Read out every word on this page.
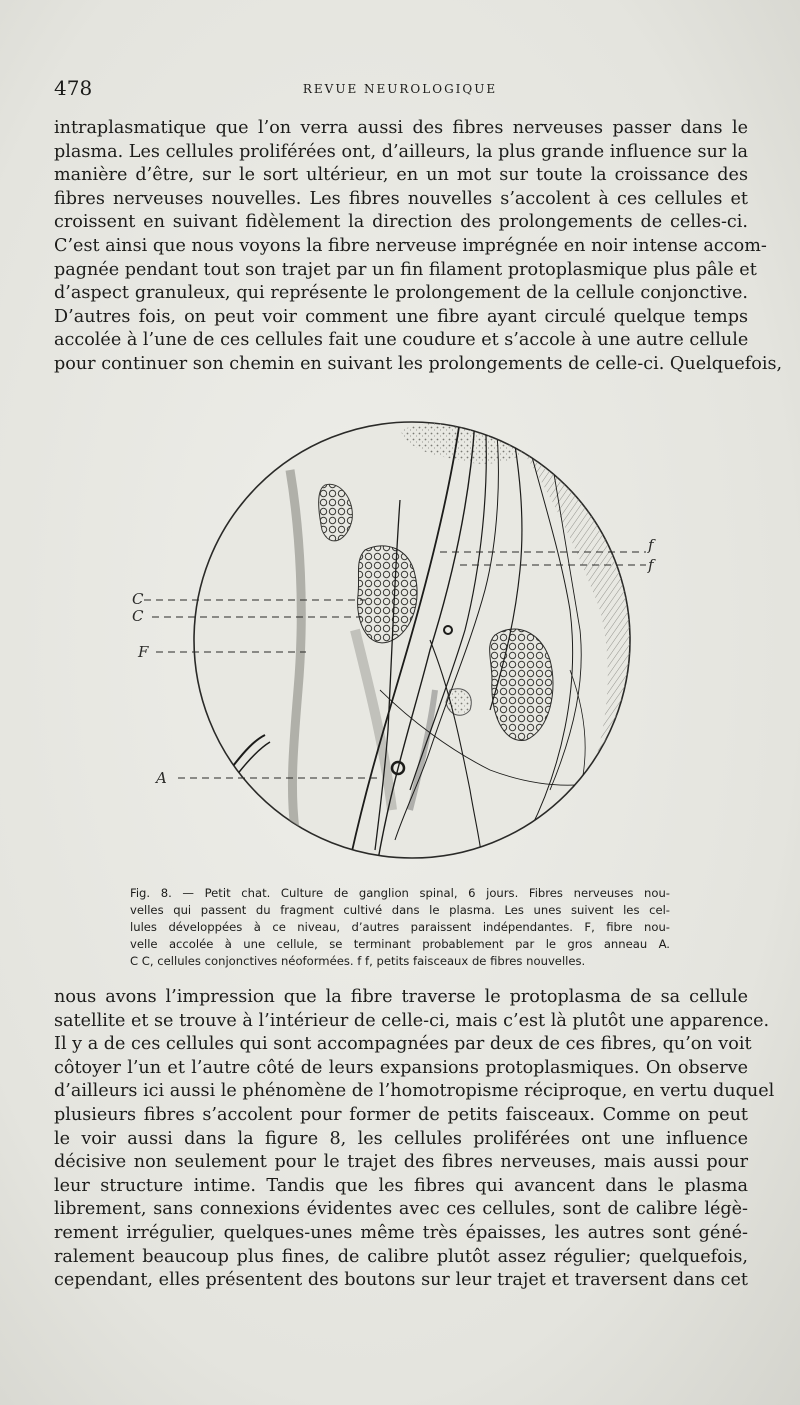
478	REVUE NEUROLOGIQUE
intraplasmatique que l’on verra aussi des fibres nerveuses passer dans le
plasma. Les cellules proliférées ont, d’ailleurs, la plus grande influence sur la
manière d’être, sur le sort ultérieur, en un mot sur toute la croissance des
fibres nerveuses nouvelles. Les fibres nouvelles s’accolent à ces cellules et
croissent en suivant fidèlement la direction des prolongements de celles-ci.
C’est ainsi que nous voyons la fibre nerveuse imprégnée en noir intense accom-
pagnée pendant tout son trajet par un fin filament protoplasmique plus pâle et
d’aspect granuleux, qui représente le prolongement de la cellule conjonctive.
D’autres fois, on peut voir comment une fibre ayant circulé quelque temps
accolée à l’une de ces cellules fait une coudure et s’accole à une autre cellule
pour continuer son chemin en suivant les prolongements de celle-ci. Quelquefois,
C
C
F
A
f
f
Fig. 8. — Petit chat. Culture de ganglion spinal, 6 jours. Fibres nerveuses nou-
velles qui passent du fragment cultivé dans le plasma. Les unes suivent les cel-
lules développées à ce niveau, d’autres paraissent indépendantes. F, fibre nou-
velle accolée à une cellule, se terminant probablement par le gros anneau A.
C C, cellules conjonctives néoformées. f f, petits faisceaux de fibres nouvelles.
nous avons l’impression que la fibre traverse le protoplasma de sa cellule
satellite et se trouve à l’intérieur de celle-ci, mais c’est là plutôt une apparence.
Il y a de ces cellules qui sont accompagnées par deux de ces fibres, qu’on voit
côtoyer l’un et l’autre côté de leurs expansions protoplasmiques. On observe
d’ailleurs ici aussi le phénomène de l’homotropisme réciproque, en vertu duquel
plusieurs fibres s’accolent pour former de petits faisceaux. Comme on peut
le voir aussi dans la figure 8, les cellules proliférées ont une influence
décisive non seulement pour le trajet des fibres nerveuses, mais aussi pour
leur structure intime. Tandis que les fibres qui avancent dans le plasma
librement, sans connexions évidentes avec ces cellules, sont de calibre légè-
rement irrégulier, quelques-unes même très épaisses, les autres sont géné-
ralement beaucoup plus fines, de calibre plutôt assez régulier; quelquefois,
cependant, elles présentent des boutons sur leur trajet et traversent dans cet
